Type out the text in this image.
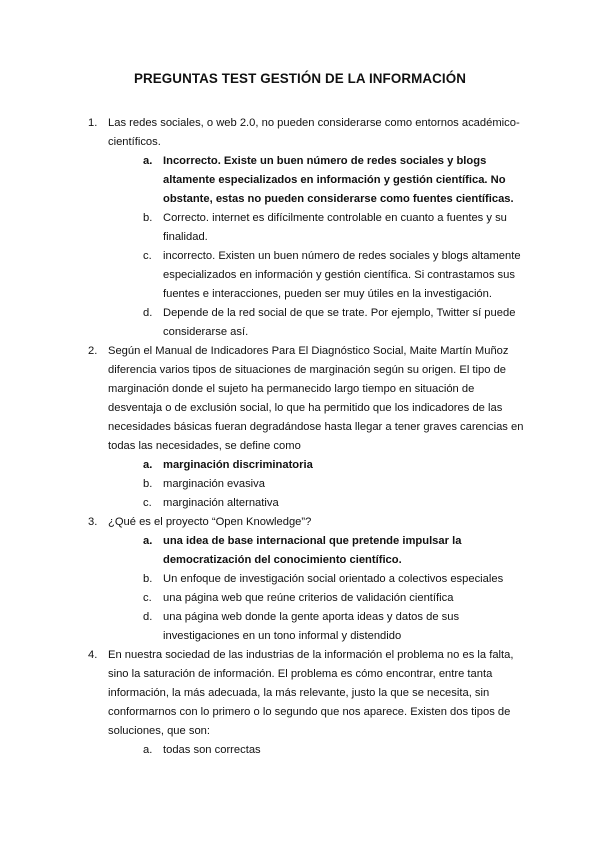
PREGUNTAS TEST GESTIÓN DE LA INFORMACIÓN
1. Las redes sociales, o web 2.0, no pueden considerarse como entornos académico-científicos.
a. Incorrecto. Existe un buen número de redes sociales y blogs altamente especializados en información y gestión científica. No obstante, estas no pueden considerarse como fuentes científicas.
b. Correcto. internet es difícilmente controlable en cuanto a fuentes y su finalidad.
c. incorrecto. Existen un buen número de redes sociales y blogs altamente especializados en información y gestión científica. Si contrastamos sus fuentes e interacciones, pueden ser muy útiles en la investigación.
d. Depende de la red social de que se trate. Por ejemplo, Twitter sí puede considerarse así.
2. Según el Manual de Indicadores Para El Diagnóstico Social, Maite Martín Muñoz diferencia varios tipos de situaciones de marginación según su origen. El tipo de marginación donde el sujeto ha permanecido largo tiempo en situación de desventaja o de exclusión social, lo que ha permitido que los indicadores de las necesidades básicas fueran degradándose hasta llegar a tener graves carencias en todas las necesidades, se define como
a. marginación discriminatoria
b. marginación evasiva
c. marginación alternativa
3. ¿Qué es el proyecto “Open Knowledge”?
a. una idea de base internacional que pretende impulsar la democratización del conocimiento científico.
b. Un enfoque de investigación social orientado a colectivos especiales
c. una página web que reúne criterios de validación científica
d. una página web donde la gente aporta ideas y datos de sus investigaciones en un tono informal y distendido
4. En nuestra sociedad de las industrias de la información el problema no es la falta, sino la saturación de información. El problema es cómo encontrar, entre tanta información, la más adecuada, la más relevante, justo la que se necesita, sin conformarnos con lo primero o lo segundo que nos aparece. Existen dos tipos de soluciones, que son:
a. todas son correctas
